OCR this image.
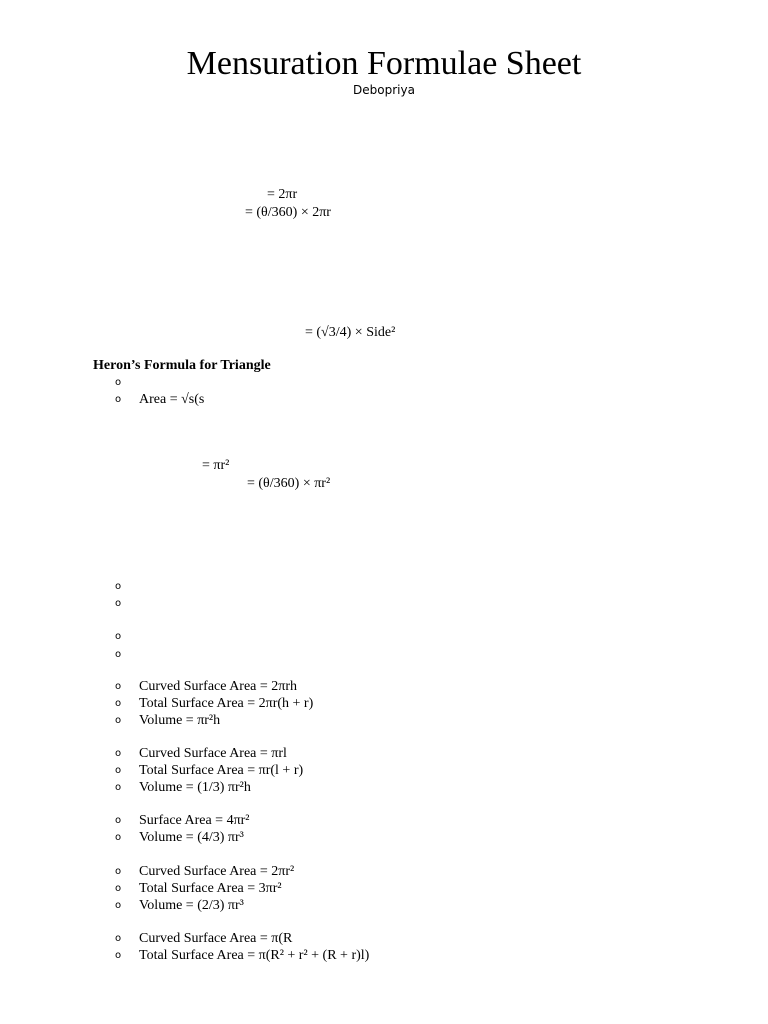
Mensuration Formulae Sheet
Debopriya
= 2πr
= (θ/360) × 2πr
= (√3/4) × Side²
Heron’s Formula for Triangle
o
o Area = √s(s
= πr²
= (θ/360) × πr²
o
o
o
o
o Curved Surface Area = 2πrh
o Total Surface Area = 2πr(h + r)
o Volume = πr²h
o Curved Surface Area = πrl
o Total Surface Area = πr(l + r)
o Volume = (1/3) πr²h
o Surface Area = 4πr²
o Volume = (4/3) πr³
o Curved Surface Area = 2πr²
o Total Surface Area = 3πr²
o Volume = (2/3) πr³
o Curved Surface Area = π(R
o Total Surface Area = π(R² + r² + (R + r)l)
